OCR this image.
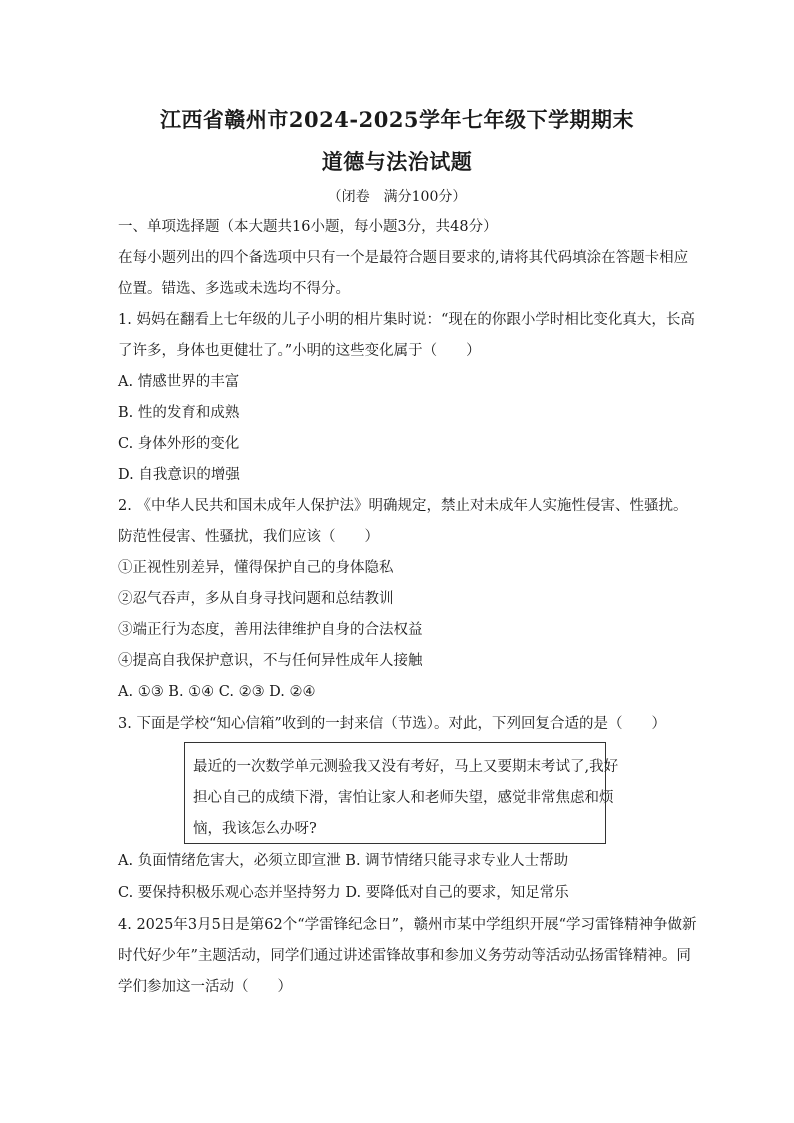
江西省赣州市2024-2025学年七年级下学期期末
道德与法治试题
（闭卷　满分100分）
一、单项选择题（本大题共16小题，每小题3分，共48分）
在每小题列出的四个备选项中只有一个是最符合题目要求的,请将其代码填涂在答题卡相应
位置。错选、多选或未选均不得分。
1. 妈妈在翻看上七年级的儿子小明的相片集时说：“现在的你跟小学时相比变化真大，长高
了许多，身体也更健壮了。”小明的这些变化属于（　　）
A. 情感世界的丰富
B. 性的发育和成熟
C. 身体外形的变化
D. 自我意识的增强
2. 《中华人民共和国未成年人保护法》明确规定，禁止对未成年人实施性侵害、性骚扰。
防范性侵害、性骚扰，我们应该（　　）
①正视性别差异，懂得保护自己的身体隐私
②忍气吞声，多从自身寻找问题和总结教训
③端正行为态度，善用法律维护自身的合法权益
④提高自我保护意识，不与任何异性成年人接触
A. ①③ B. ①④ C. ②③ D. ②④
3. 下面是学校“知心信箱”收到的一封来信（节选）。对此，下列回复合适的是（　　）
最近的一次数学单元测验我又没有考好，马上又要期末考试了,我好
担心自己的成绩下滑，害怕让家人和老师失望，感觉非常焦虑和烦
恼，我该怎么办呀?
A. 负面情绪危害大，必须立即宣泄 B. 调节情绪只能寻求专业人士帮助
C. 要保持积极乐观心态并坚持努力 D. 要降低对自己的要求，知足常乐
4. 2025年3月5日是第62个“学雷锋纪念日”，赣州市某中学组织开展“学习雷锋精神争做新
时代好少年”主题活动，同学们通过讲述雷锋故事和参加义务劳动等活动弘扬雷锋精神。同
学们参加这一活动（　　）
